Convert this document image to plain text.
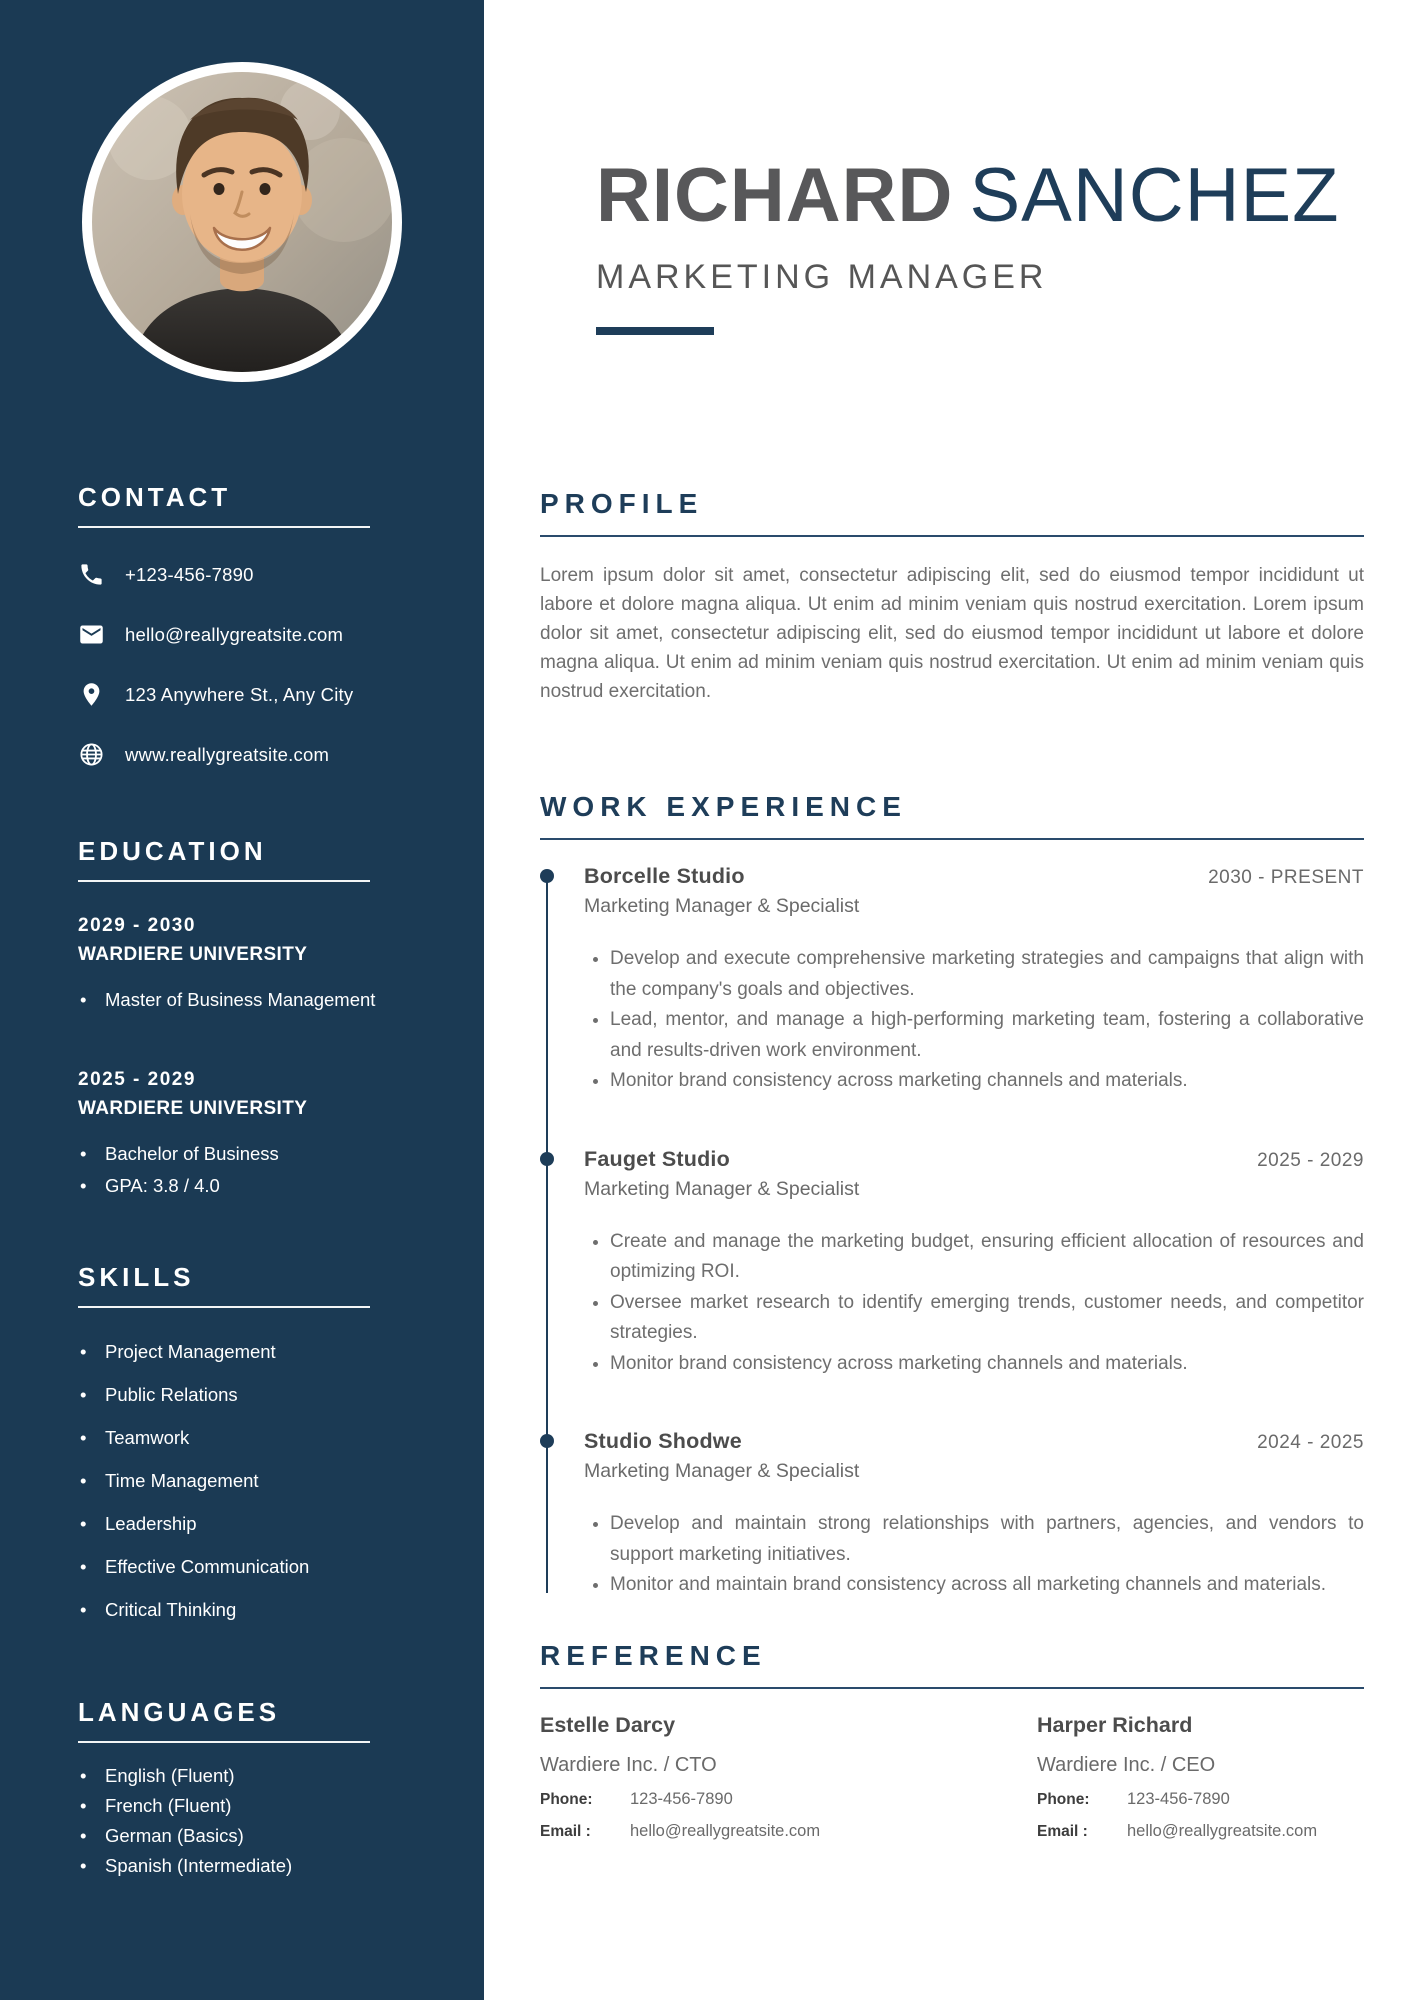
CONTACT
+123-456-7890
hello@reallygreatsite.com
123 Anywhere St., Any City
www.reallygreatsite.com
EDUCATION
2029 - 2030
WARDIERE UNIVERSITY
• Master of Business Management
2025 - 2029
WARDIERE UNIVERSITY
• Bachelor of Business
• GPA: 3.8 / 4.0
SKILLS
• Project Management
• Public Relations
• Teamwork
• Time Management
• Leadership
• Effective Communication
• Critical Thinking
LANGUAGES
• English (Fluent)
• French (Fluent)
• German (Basics)
• Spanish (Intermediate)
RICHARD SANCHEZ
MARKETING MANAGER
PROFILE

Lorem ipsum dolor sit amet, consectetur adipiscing elit, sed do eiusmod tempor incididunt ut labore et dolore magna aliqua. Ut enim ad minim veniam quis nostrud exercitation. Lorem ipsum dolor sit amet, consectetur adipiscing elit, sed do eiusmod tempor incididunt ut labore et dolore magna aliqua. Ut enim ad minim veniam quis nostrud exercitation. Ut enim ad minim veniam quis nostrud exercitation.

WORK EXPERIENCE
Borcelle Studio	2030 - PRESENT
Marketing Manager & Specialist
• Develop and execute comprehensive marketing strategies and campaigns that align with the company's goals and objectives.
• Lead, mentor, and manage a high-performing marketing team, fostering a collaborative and results-driven work environment.
• Monitor brand consistency across marketing channels and materials.
Fauget Studio	2025 - 2029
Marketing Manager & Specialist
• Create and manage the marketing budget, ensuring efficient allocation of resources and optimizing ROI.
• Oversee market research to identify emerging trends, customer needs, and competitor strategies.
• Monitor brand consistency across marketing channels and materials.
Studio Shodwe	2024 - 2025
Marketing Manager & Specialist
• Develop and maintain strong relationships with partners, agencies, and vendors to support marketing initiatives.
• Monitor and maintain brand consistency across all marketing channels and materials.
REFERENCE
Estelle Darcy
Wardiere Inc. / CTO
Phone:	123-456-7890
Email :	hello@reallygreatsite.com
Harper Richard
Wardiere Inc. / CEO
Phone:	123-456-7890
Email :	hello@reallygreatsite.com
